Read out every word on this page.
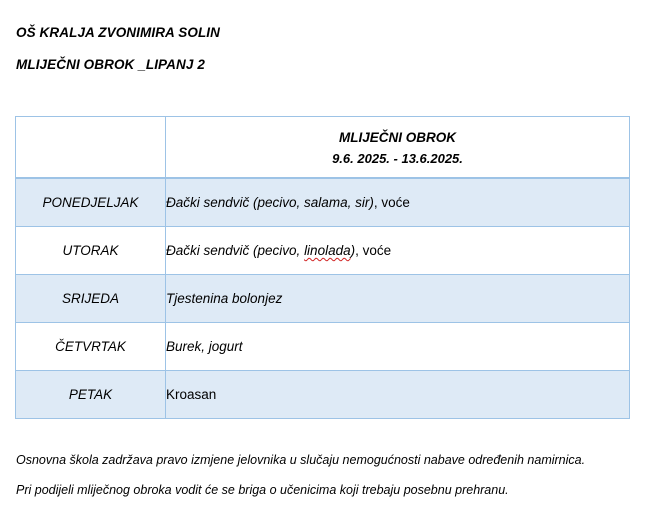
OŠ KRALJA ZVONIMIRA SOLIN
MLIJEČNI OBROK _LIPANJ 2

	MLIJEČNI OBROK
9.6. 2025. - 13.6.2025.

PONEDJELJAK	Đački sendvič (pecivo, salama, sir), voće
UTORAK	Đački sendvič (pecivo, linolada), voće
SRIJEDA	Tjestenina bolonjez
ČETVRTAK	Burek, jogurt
PETAK	Kroasan
Osnovna škola zadržava pravo izmjene jelovnika u slučaju nemogućnosti nabave određenih namirnica.
Pri podijeli mliječnog obroka vodit će se briga o učenicima koji trebaju posebnu prehranu.
